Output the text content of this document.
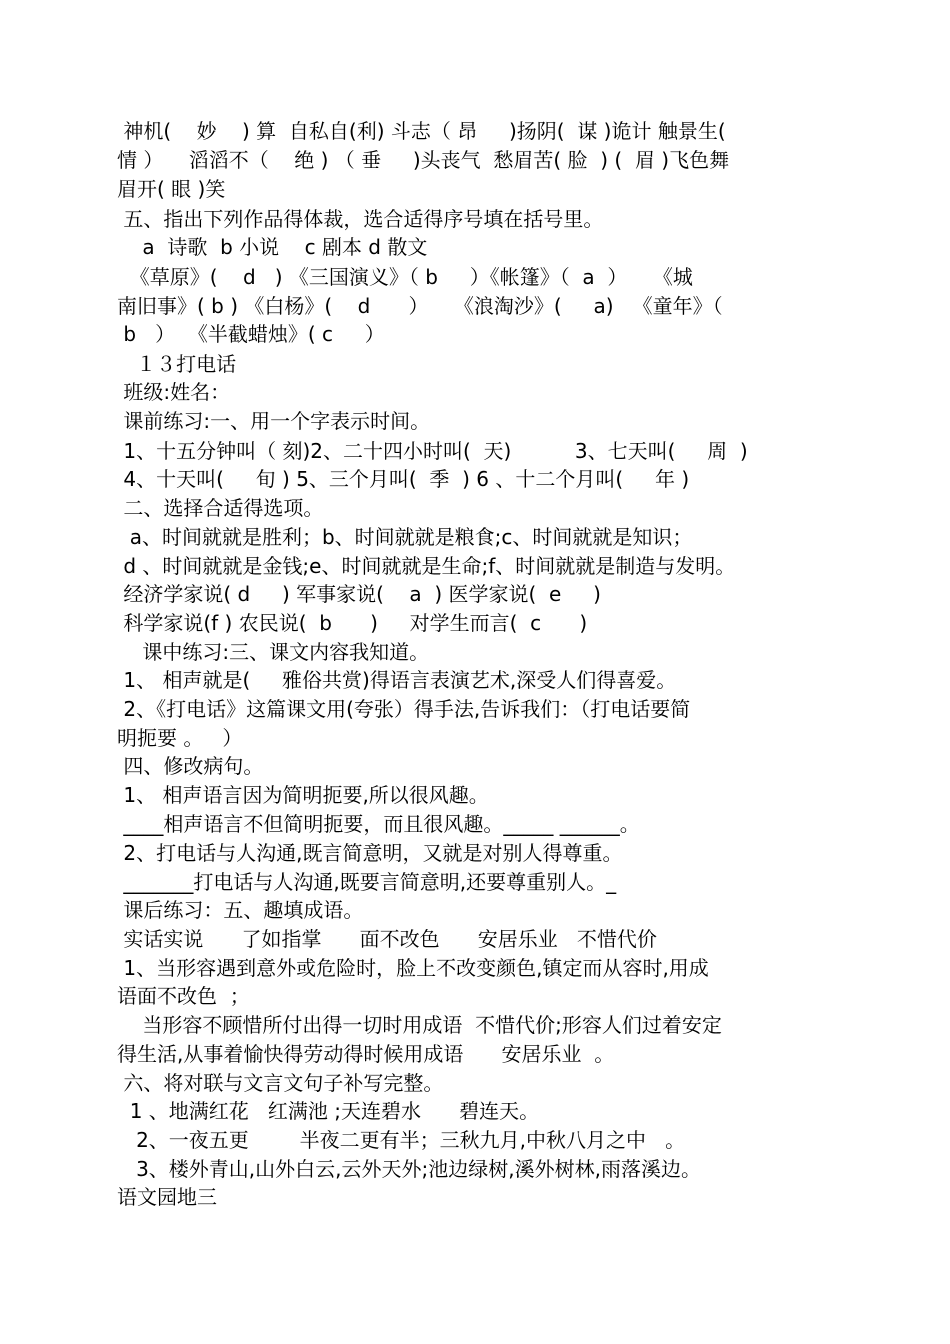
神机(    妙    ) 算  自私自(利) 斗志（ 昂     )扬阴(  谋 )诡计 触景生(
情 ）    滔滔不（    绝 ) （ 垂     )头丧气  愁眉苦( 脸  ) (  眉 )飞色舞
眉开( 眼 )笑
五、指出下列作品得体裁，选合适得序号填在括号里。
a  诗歌  b 小说    c 剧本 d 散文
《草原》(    d   ) 《三国演义》（ b     ）《帐篷》（  a  ）    《城
南旧事》( b ) 《白杨》(    d      ）    《浪淘沙》(     a)   《童年》（
b   ）  《半截蜡烛》( c     ）
１３打电话
班级:姓名：
课前练习:一、用一个字表示时间。
1、十五分钟叫（ 刻)2、二十四小时叫(  天)          3、七天叫(     周  )
4、十天叫(     旬 ) 5、三个月叫(  季  ) 6 、十二个月叫(     年 )
二、选择合适得选项。
a、时间就就是胜利；b、时间就就是粮食;c、时间就就是知识；
d 、时间就就是金钱;e、时间就就是生命;f、时间就就是制造与发明。
经济学家说( d     ) 军事家说(    a  ) 医学家说(  e     )
科学家说(f ) 农民说(  b      )     对学生而言(  c      )
课中练习:三、课文内容我知道。
1、 相声就是(     雅俗共赏)得语言表演艺术,深受人们得喜爱。
2、《打电话》这篇课文用(夸张）得手法,告诉我们：（打电话要简
明扼要 。   ）
四、修改病句。
1、 相声语言因为简明扼要,所以很风趣。
____相声语言不但简明扼要，而且很风趣。_____ ______。
2、打电话与人沟通,既言简意明，又就是对别人得尊重。
_______打电话与人沟通,既要言简意明,还要尊重别人。_
课后练习：五、趣填成语。
实话实说      了如指掌      面不改色      安居乐业   不惜代价
1、当形容遇到意外或危险时，脸上不改变颜色,镇定而从容时,用成
语面不改色  ；
当形容不顾惜所付出得一切时用成语  不惜代价;形容人们过着安定
得生活,从事着愉快得劳动得时候用成语      安居乐业  。
六、将对联与文言文句子补写完整。
1 、地满红花   红满池 ;天连碧水      碧连天。
2、一夜五更        半夜二更有半；三秋九月,中秋八月之中   。
3、楼外青山,山外白云,云外天外;池边绿树,溪外树林,雨落溪边。
语文园地三
